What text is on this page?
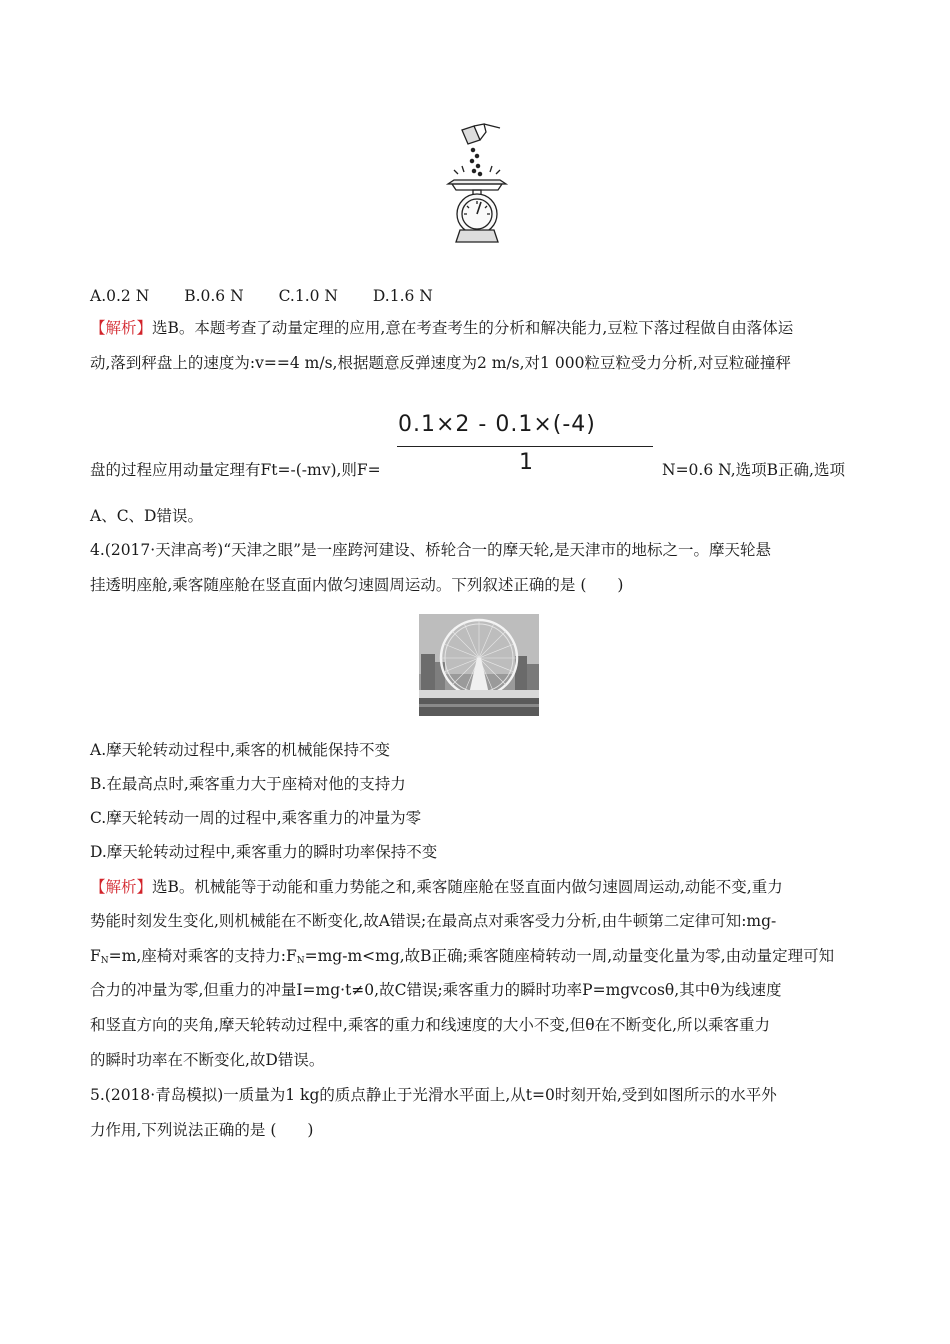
A.0.2 N B.0.6 N C.1.0 N D.1.6 N
【解析】选B。本题考查了动量定理的应用,意在考查考生的分析和解决能力,豆粒下落过程做自由落体运
动,落到秤盘上的速度为:v==4 m/s,根据题意反弹速度为2 m/s,对1 000粒豆粒受力分析,对豆粒碰撞秤
0.1×2 - 0.1×(-4)
1
盘的过程应用动量定理有Ft=-(-mv),则F=	N=0.6 N,选项B正确,选项
A、C、D错误。
4.(2017·天津高考)“天津之眼”是一座跨河建设、桥轮合一的摩天轮,是天津市的地标之一。摩天轮悬
挂透明座舱,乘客随座舱在竖直面内做匀速圆周运动。下列叙述正确的是 (　　)
A.摩天轮转动过程中,乘客的机械能保持不变
B.在最高点时,乘客重力大于座椅对他的支持力
C.摩天轮转动一周的过程中,乘客重力的冲量为零
D.摩天轮转动过程中,乘客重力的瞬时功率保持不变
【解析】选B。机械能等于动能和重力势能之和,乘客随座舱在竖直面内做匀速圆周运动,动能不变,重力
势能时刻发生变化,则机械能在不断变化,故A错误;在最高点对乘客受力分析,由牛顿第二定律可知:mg-
$F_N=m$,座椅对乘客的支持力$:F_N=mg-m<mg$,故B正确;乘客随座椅转动一周,动量变化量为零,由动量定理可知
合力的冲量为零,但重力的冲量I=mg·t≠0,故C错误;乘客重力的瞬时功率P=mgvcosθ,其中θ为线速度
和竖直方向的夹角,摩天轮转动过程中,乘客的重力和线速度的大小不变,但θ在不断变化,所以乘客重力
的瞬时功率在不断变化,故D错误。
5.(2018·青岛模拟)一质量为1 kg的质点静止于光滑水平面上,从t=0时刻开始,受到如图所示的水平外
力作用,下列说法正确的是 (　　)
